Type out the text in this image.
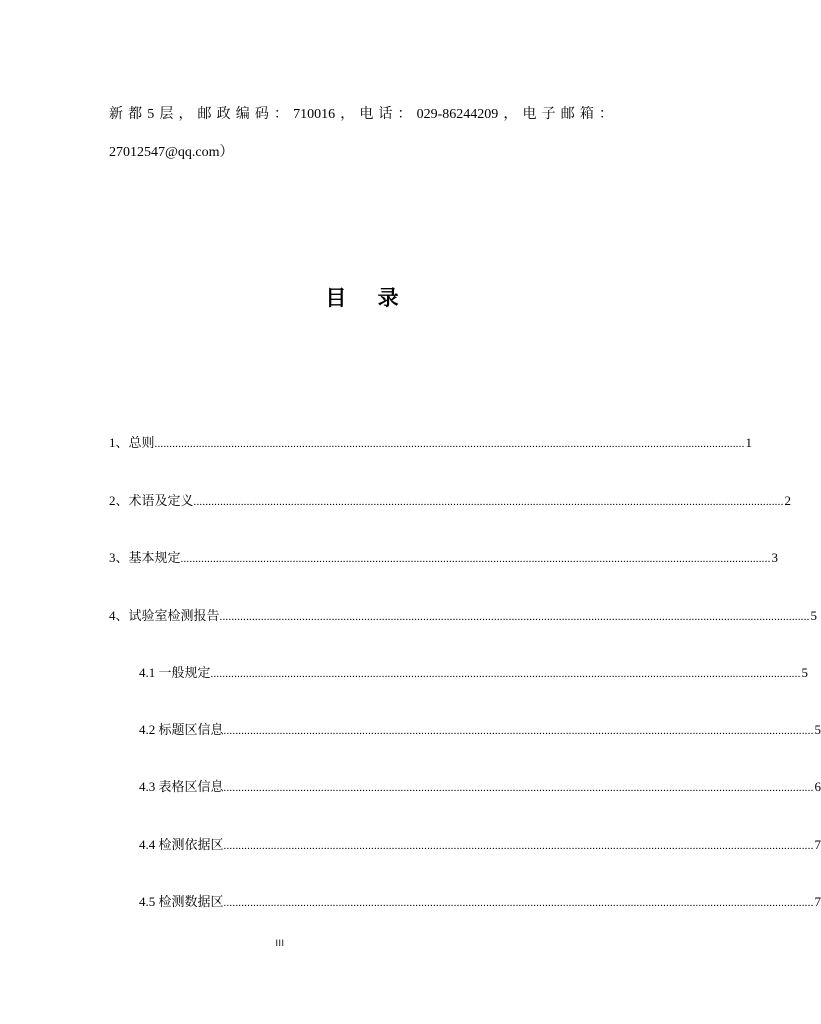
新 都 5 层 ， 邮 政 编 码 ： 710016 ， 电 话 ： 029-86244209 ， 电 子 邮 箱 ：
27012547@qq.com）
目 录
1、总则 ........................................................................................................................................................................................................ 1
2、术语及定义 ........................................................................................................................................................................................................ 2
3、基本规定 ........................................................................................................................................................................................................ 3
4、试验室检测报告 ........................................................................................................................................................................................................ 5
4.1 一般规定 ........................................................................................................................................................................................................ 5
4.2 标题区信息 ........................................................................................................................................................................................................ 5
4.3 表格区信息 ........................................................................................................................................................................................................ 6
4.4 检测依据区 ........................................................................................................................................................................................................ 7
4.5 检测数据区 ........................................................................................................................................................................................................ 7
III
